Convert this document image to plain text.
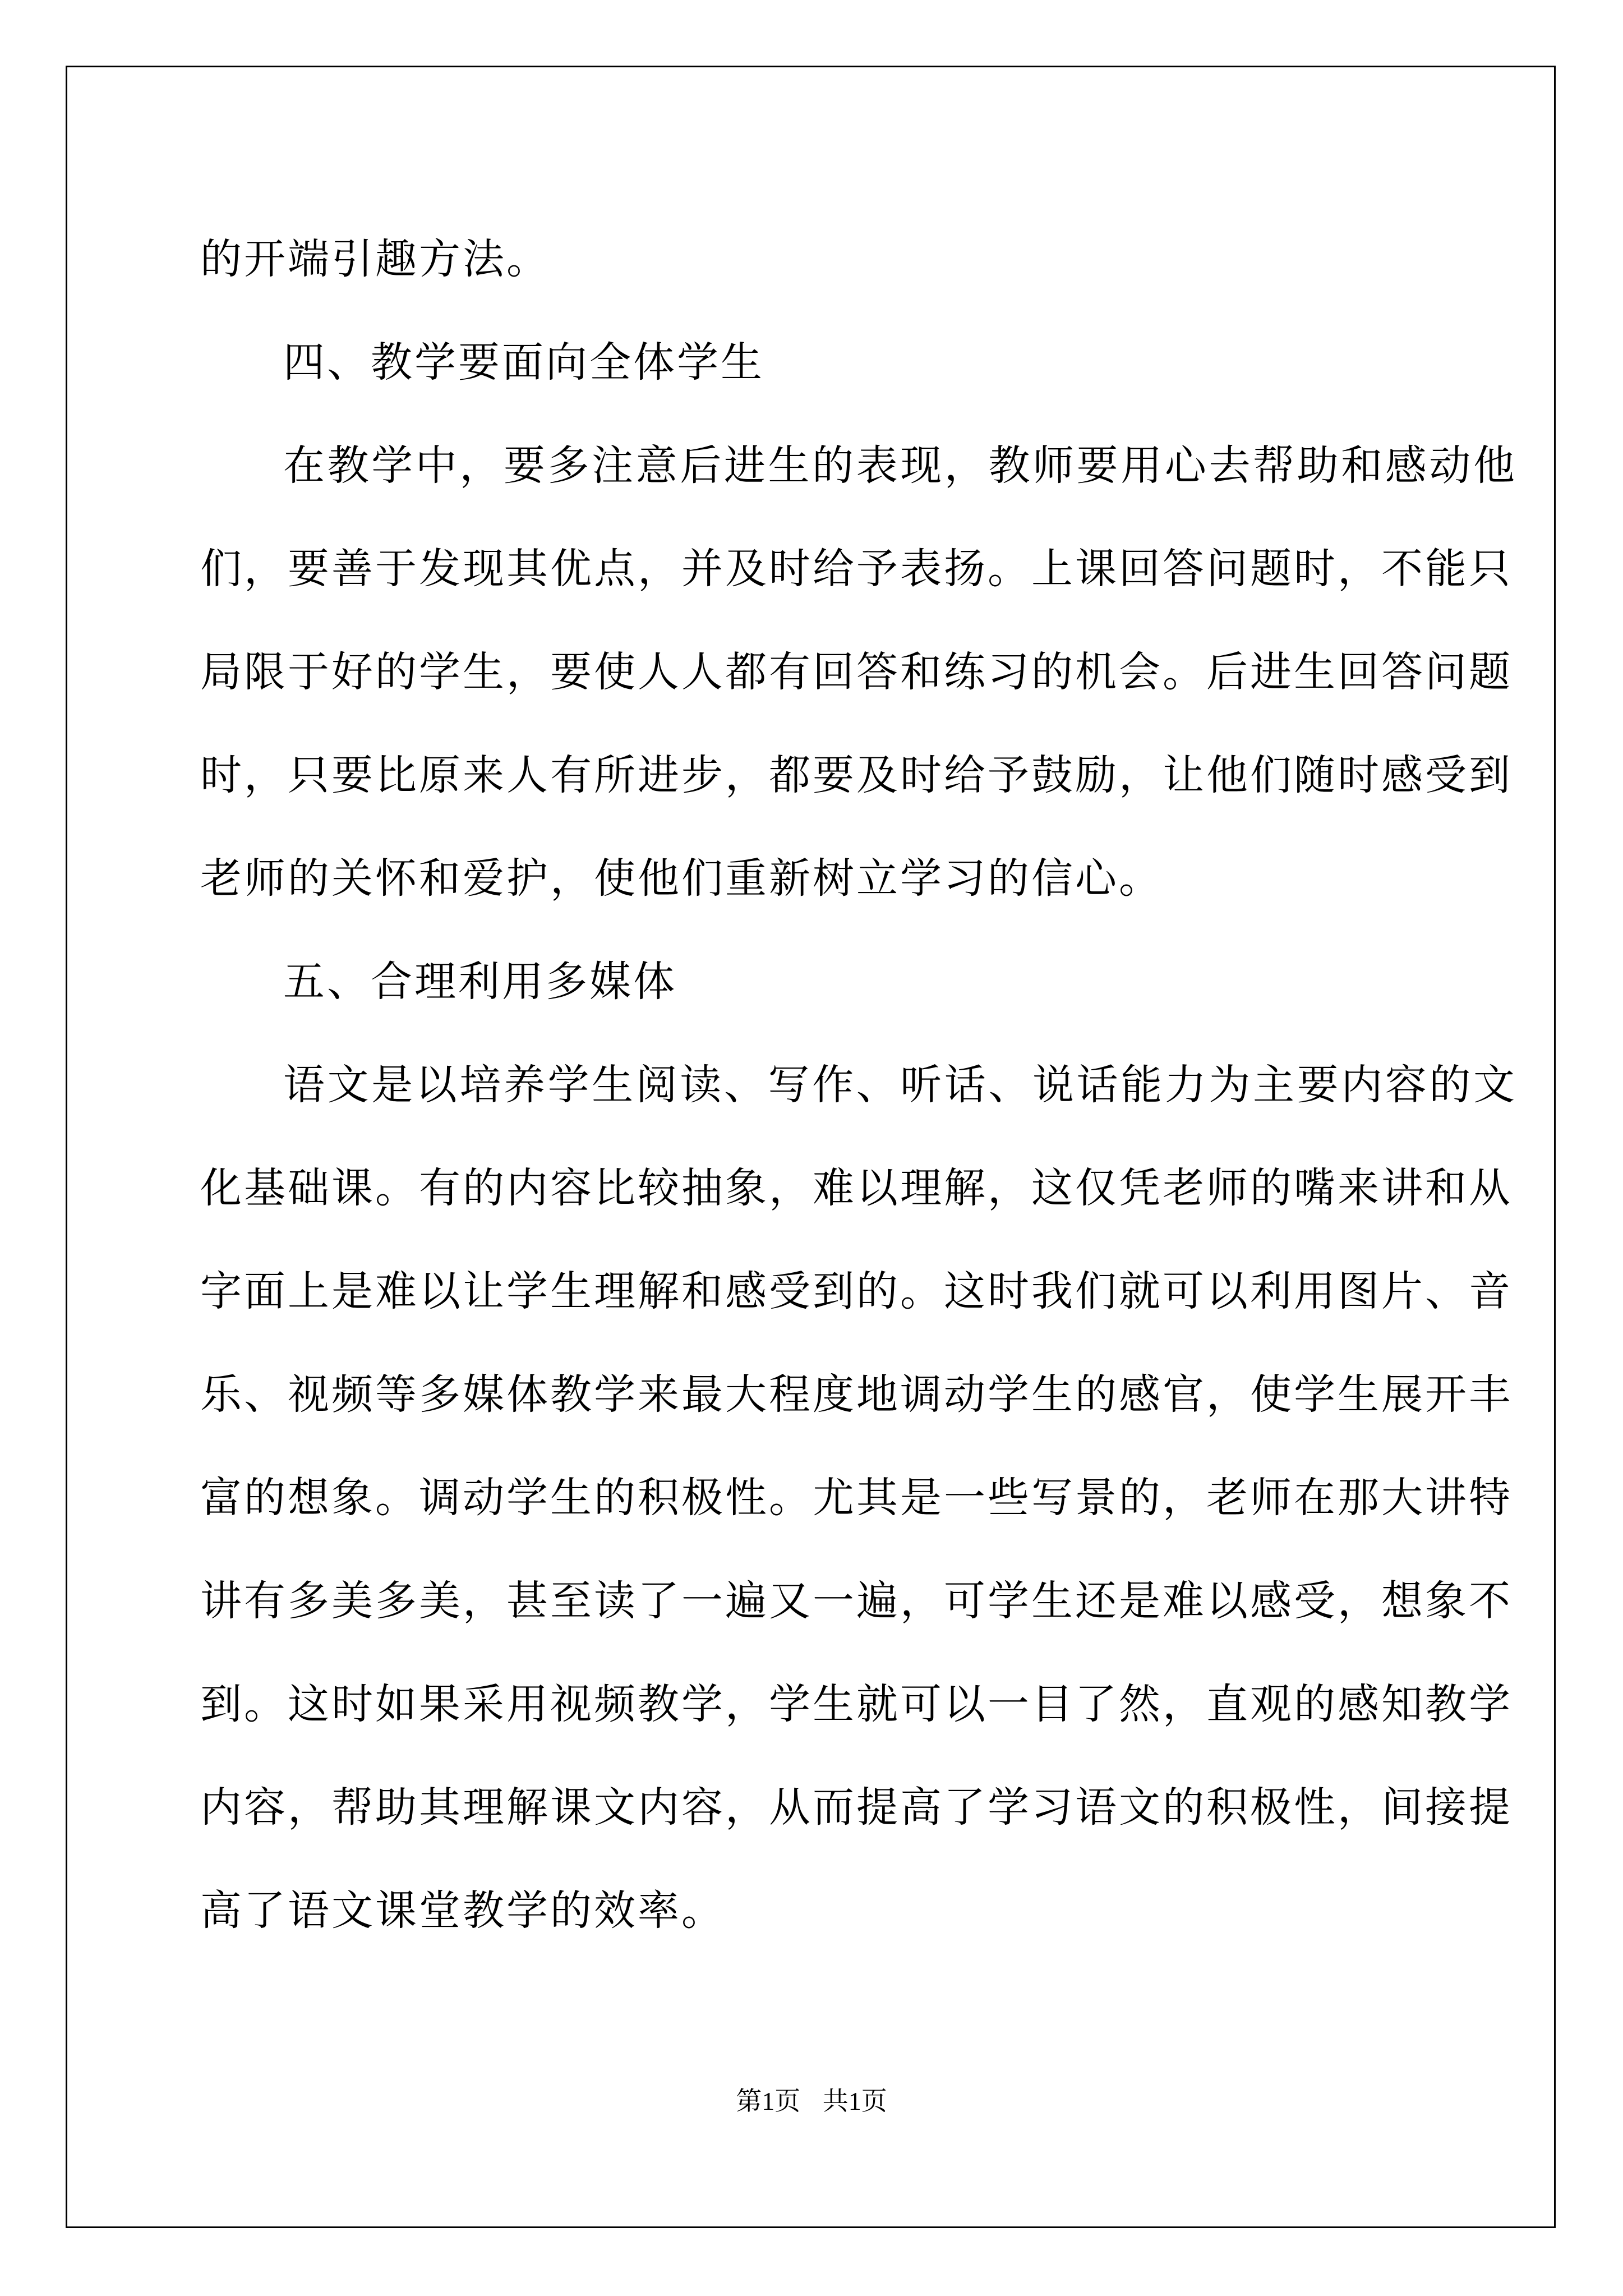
的开端引趣方法。
四、教学要面向全体学生
在教学中，要多注意后进生的表现，教师要用心去帮助和感动他
们，要善于发现其优点，并及时给予表扬。上课回答问题时，不能只
局限于好的学生，要使人人都有回答和练习的机会。后进生回答问题
时，只要比原来人有所进步，都要及时给予鼓励，让他们随时感受到
老师的关怀和爱护，使他们重新树立学习的信心。
五、合理利用多媒体
语文是以培养学生阅读、写作、听话、说话能力为主要内容的文
化基础课。有的内容比较抽象，难以理解，这仅凭老师的嘴来讲和从
字面上是难以让学生理解和感受到的。这时我们就可以利用图片、音
乐、视频等多媒体教学来最大程度地调动学生的感官，使学生展开丰
富的想象。调动学生的积极性。尤其是一些写景的，老师在那大讲特
讲有多美多美，甚至读了一遍又一遍，可学生还是难以感受，想象不
到。这时如果采用视频教学，学生就可以一目了然，直观的感知教学
内容，帮助其理解课文内容，从而提高了学习语文的积极性，间接提
高了语文课堂教学的效率。
第1页 共1页
